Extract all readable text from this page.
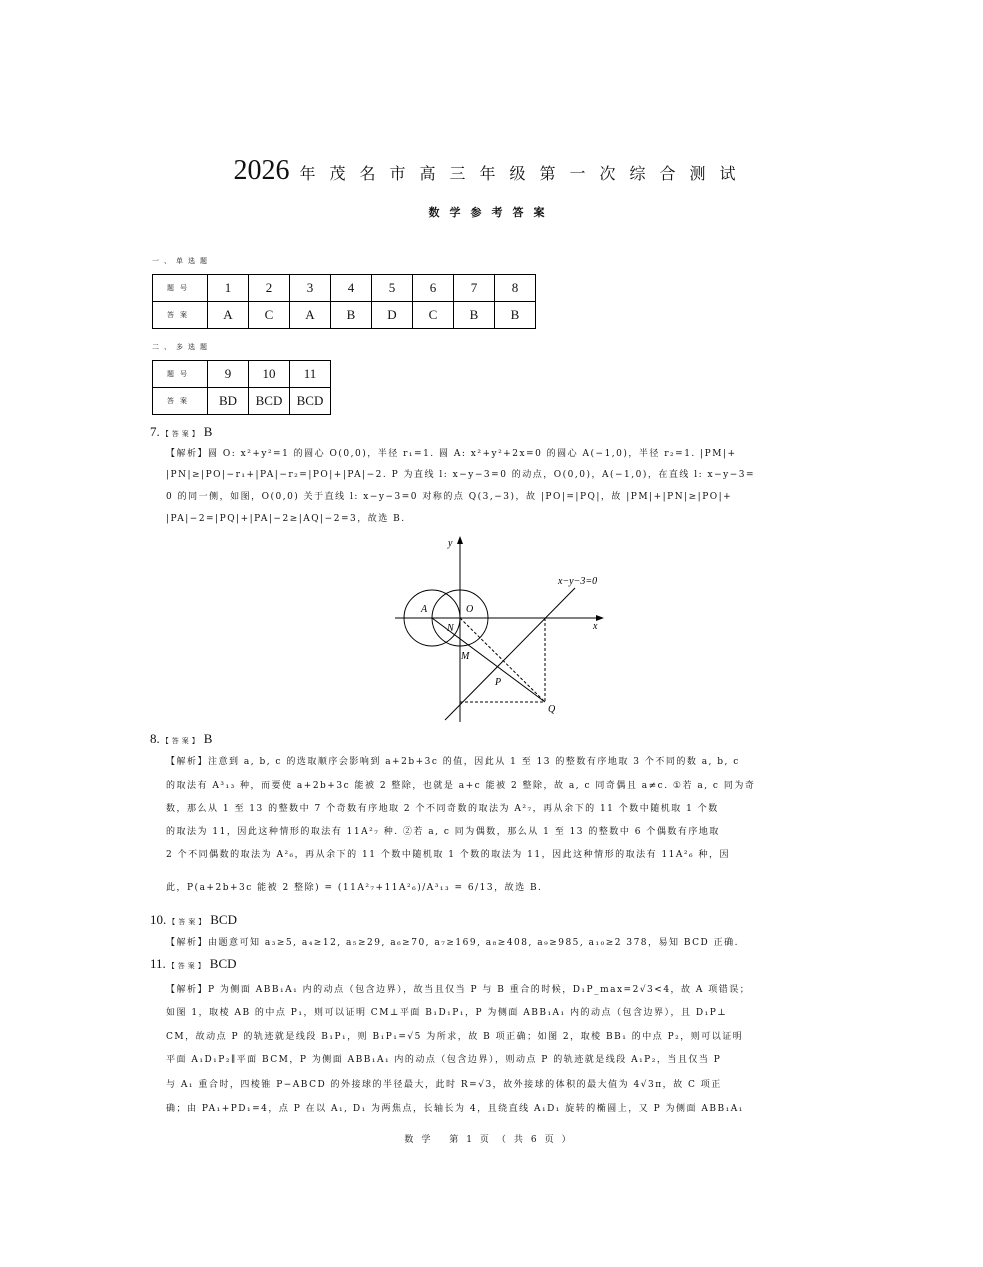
2026 年茂名市高三年级第一次综合测试
数学参考答案
一、单选题
题号	1	2	3	4	5	6	7	8
答案	A	C	A	B	D	C	B	B
二、多选题
题号	9	10	11
答案	BD	BCD	BCD
7. 【答案】 B
【解析】圆 O: x²+y²=1 的圆心 O(0,0)，半径 r₁=1. 圆 A: x²+y²+2x=0 的圆心 A(−1,0)，半径 r₂=1. |PM|+
|PN|≥|PO|−r₁+|PA|−r₂=|PO|+|PA|−2. P 为直线 l: x−y−3=0 的动点，O(0,0)，A(−1,0)，在直线 l: x−y−3=
0 的同一侧，如图，O(0,0) 关于直线 l: x−y−3=0 对称的点 Q(3,−3)，故 |PO|=|PQ|，故 |PM|+|PN|≥|PO|+
|PA|−2=|PQ|+|PA|−2≥|AQ|−2=3，故选 B.
y
x
x−y−3=0
A	O
N
M
P
Q
8. 【答案】 B
【解析】注意到 a, b, c 的选取顺序会影响到 a+2b+3c 的值，因此从 1 至 13 的整数有序地取 3 个不同的数 a, b, c
的取法有 A³₁₃ 种，而要使 a+2b+3c 能被 2 整除，也就是 a+c 能被 2 整除，故 a, c 同奇偶且 a≠c. ①若 a, c 同为奇
数，那么从 1 至 13 的整数中 7 个奇数有序地取 2 个不同奇数的取法为 A²₇，再从余下的 11 个数中随机取 1 个数
的取法为 11，因此这种情形的取法有 11A²₇ 种. ②若 a, c 同为偶数，那么从 1 至 13 的整数中 6 个偶数有序地取
2 个不同偶数的取法为 A²₆，再从余下的 11 个数中随机取 1 个数的取法为 11，因此这种情形的取法有 11A²₆ 种，因
此，P(a+2b+3c 能被 2 整除) = (11A²₇+11A²₆)/A³₁₃ = 6/13，故选 B.
10. 【答案】 BCD
【解析】由题意可知 a₃≥5, a₄≥12, a₅≥29, a₆≥70, a₇≥169, a₈≥408, a₉≥985, a₁₀≥2 378，易知 BCD 正确.
11. 【答案】 BCD
【解析】P 为侧面 ABB₁A₁ 内的动点（包含边界），故当且仅当 P 与 B 重合的时候，D₁P_max=2√3<4，故 A 项错误；
如图 1，取棱 AB 的中点 P₁，则可以证明 CM⊥平面 B₁D₁P₁，P 为侧面 ABB₁A₁ 内的动点（包含边界），且 D₁P⊥
CM，故动点 P 的轨迹就是线段 B₁P₁，则 B₁P₁=√5 为所求，故 B 项正确；如图 2，取棱 BB₁ 的中点 P₂，则可以证明
平面 A₁D₁P₂∥平面 BCM，P 为侧面 ABB₁A₁ 内的动点（包含边界），则动点 P 的轨迹就是线段 A₁P₂，当且仅当 P
与 A₁ 重合时，四棱锥 P−ABCD 的外接球的半径最大，此时 R=√3，故外接球的体积的最大值为 4√3π，故 C 项正
确；由 PA₁+PD₁=4，点 P 在以 A₁, D₁ 为两焦点，长轴长为 4，且绕直线 A₁D₁ 旋转的椭圆上，又 P 为侧面 ABB₁A₁
数学 第1页（共6页）
